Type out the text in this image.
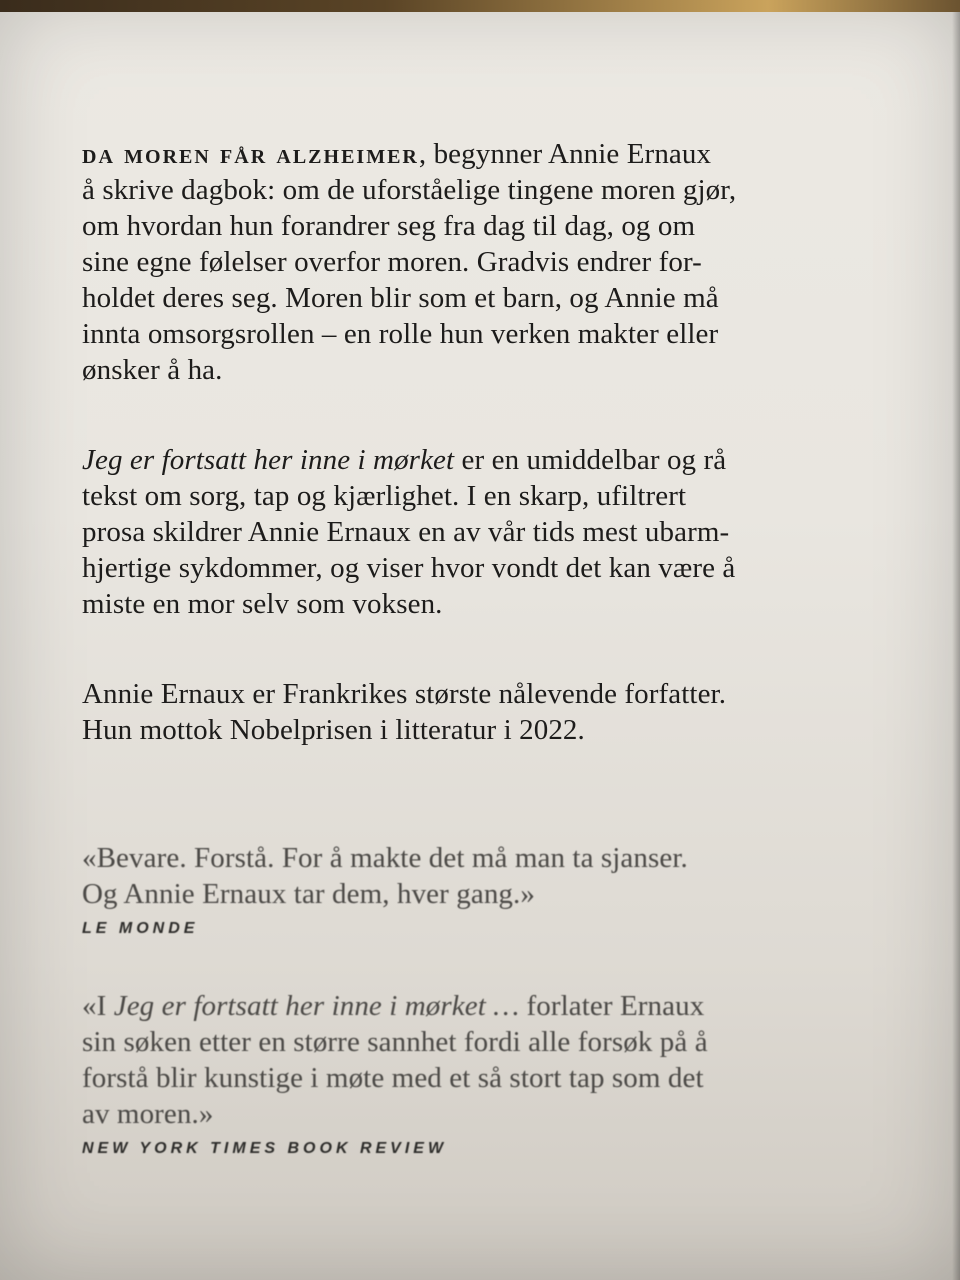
da moren får alzheimer, begynner Annie Ernaux
å skrive dagbok: om de uforståelige tingene moren gjør,
om hvordan hun forandrer seg fra dag til dag, og om
sine egne følelser overfor moren. Gradvis endrer for-
holdet deres seg. Moren blir som et barn, og Annie må
innta omsorgsrollen – en rolle hun verken makter eller
ønsker å ha.
Jeg er fortsatt her inne i mørket er en umiddelbar og rå
tekst om sorg, tap og kjærlighet. I en skarp, ufiltrert
prosa skildrer Annie Ernaux en av vår tids mest ubarm-
hjertige sykdommer, og viser hvor vondt det kan være å
miste en mor selv som voksen.
Annie Ernaux er Frankrikes største nålevende forfatter.
Hun mottok Nobelprisen i litteratur i 2022.
«Bevare. Forstå. For å makte det må man ta sjanser.
Og Annie Ernaux tar dem, hver gang.»
LE MONDE
«I Jeg er fortsatt her inne i mørket … forlater Ernaux
sin søken etter en større sannhet fordi alle forsøk på å
forstå blir kunstige i møte med et så stort tap som det
av moren.»
NEW YORK TIMES BOOK REVIEW
